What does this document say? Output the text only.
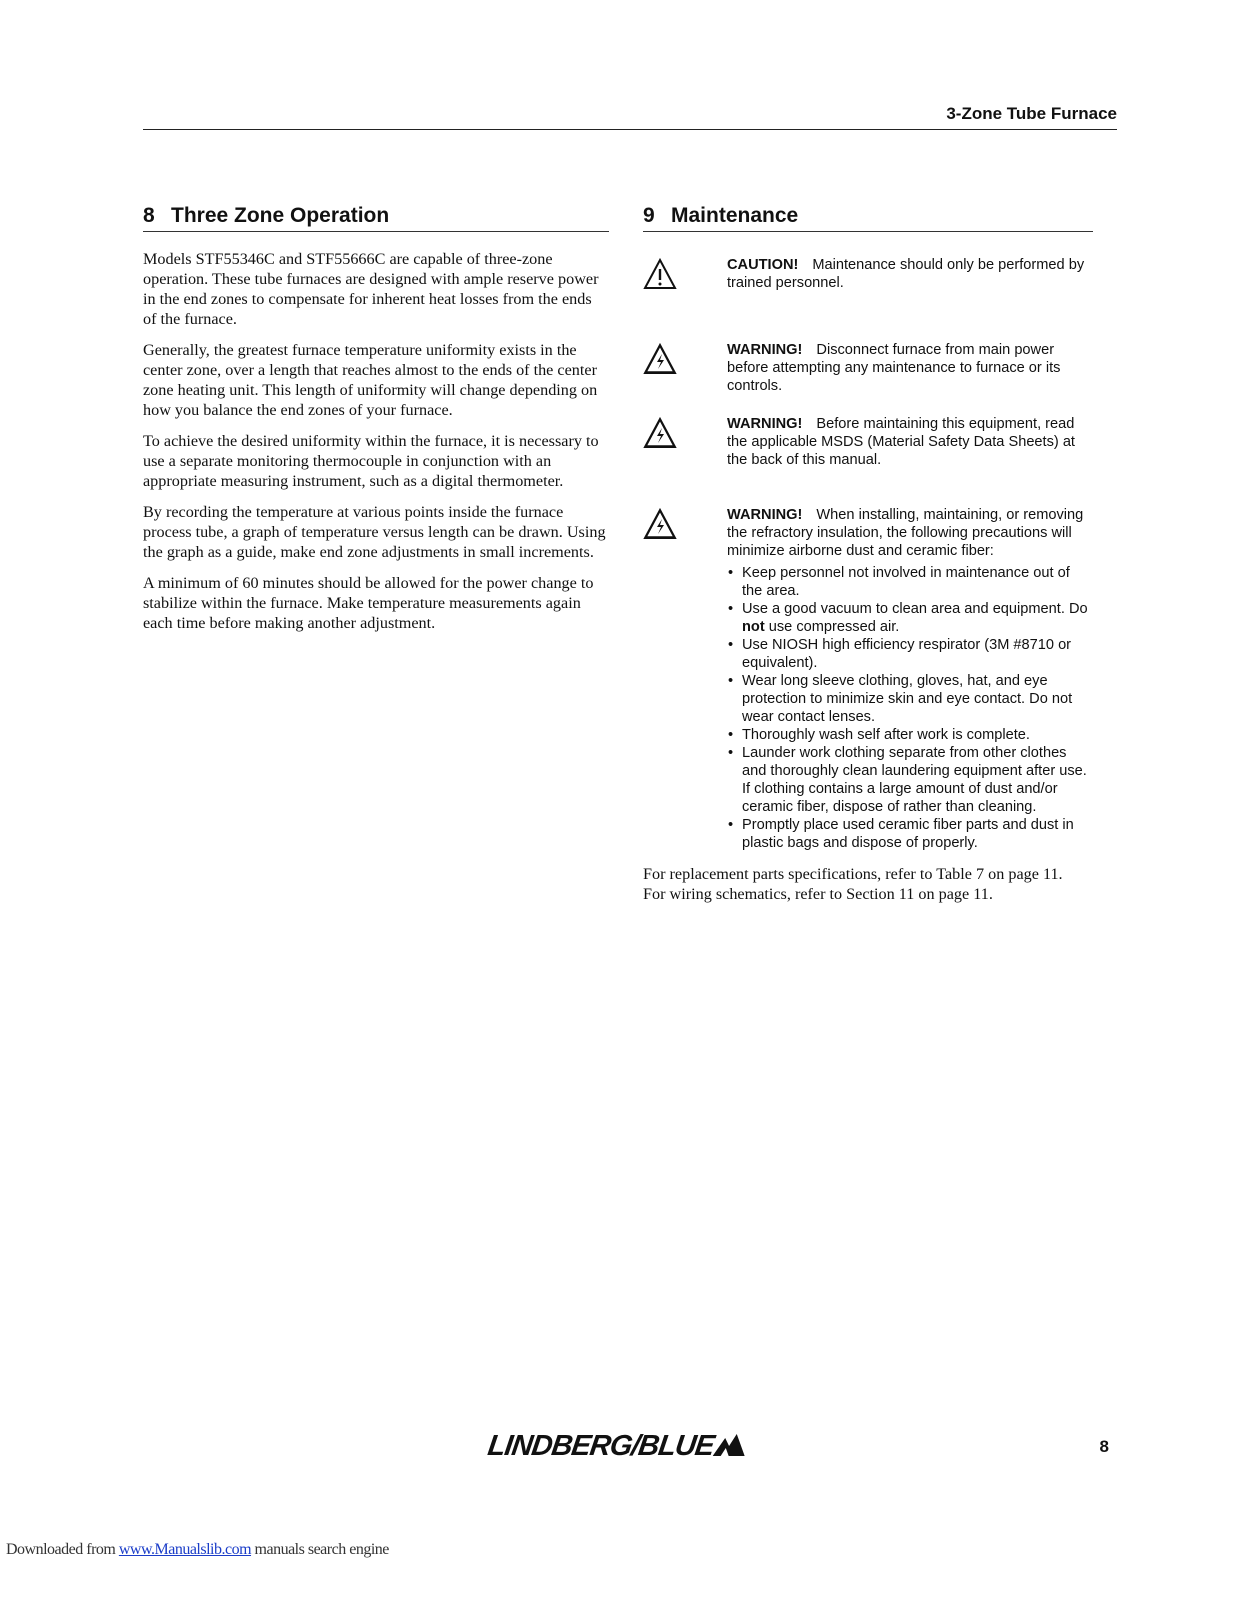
3-Zone Tube Furnace
8 Three Zone Operation

Models STF55346C and STF55666C are capable of three-zone operation. These tube furnaces are designed with ample reserve power in the end zones to compensate for inherent heat losses from the ends of the furnace.

Generally, the greatest furnace temperature uniformity exists in the center zone, over a length that reaches almost to the ends of the center zone heating unit. This length of uniformity will change depending on how you balance the end zones of your furnace.

To achieve the desired uniformity within the furnace, it is necessary to use a separate monitoring thermocouple in conjunction with an appropriate measuring instrument, such as a digital thermometer.

By recording the temperature at various points inside the furnace process tube, a graph of temperature versus length can be drawn. Using the graph as a guide, make end zone adjustments in small increments.

A minimum of 60 minutes should be allowed for the power change to stabilize within the furnace. Make temperature measurements again each time before making another adjustment.

9 Maintenance
CAUTION! Maintenance should only be performed by trained personnel.
WARNING! Disconnect furnace from main power before attempting any maintenance to furnace or its controls.
WARNING! Before maintaining this equipment, read the applicable MSDS (Material Safety Data Sheets) at the back of this manual.
WARNING! When installing, maintaining, or removing the refractory insulation, the following precautions will minimize airborne dust and ceramic fiber:
• Keep personnel not involved in maintenance out of the area.
• Use a good vacuum to clean area and equipment. Do not use compressed air.
• Use NIOSH high efficiency respirator (3M #8710 or equivalent).
• Wear long sleeve clothing, gloves, hat, and eye protection to minimize skin and eye contact. Do not wear contact lenses.
• Thoroughly wash self after work is complete.
• Launder work clothing separate from other clothes and thoroughly clean laundering equipment after use. If clothing contains a large amount of dust and/or ceramic fiber, dispose of rather than cleaning.
• Promptly place used ceramic fiber parts and dust in plastic bags and dispose of properly.

For replacement parts specifications, refer to Table 7 on page 11.

For wiring schematics, refer to Section 11 on page 11.

LINDBERG/BLUE	8
Downloaded from www.Manualslib.com manuals search engine
